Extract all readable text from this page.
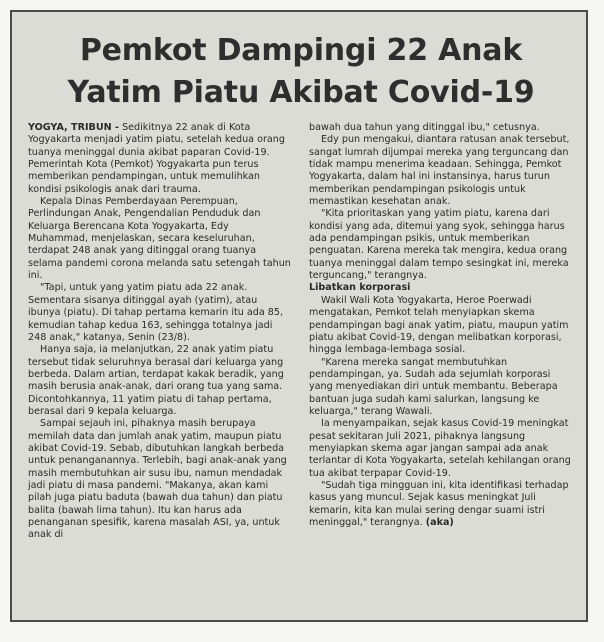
Pemkot Dampingi 22 Anak
Yatim Piatu Akibat Covid-19

YOGYA, TRIBUN - Sedikitnya 22 anak di Kota Yogyakarta menjadi yatim piatu, setelah kedua orang tuanya meninggal dunia akibat paparan Covid-19. Pemerintah Kota (Pemkot) Yogyakarta pun terus memberikan pendampingan, untuk memulihkan kondisi psikologis anak dari trauma.

Kepala Dinas Pemberdayaan Perempuan, Perlindungan Anak, Pengendalian Penduduk dan Keluarga Berencana Kota Yogyakarta, Edy Muhammad, menjelaskan, secara keseluruhan, terdapat 248 anak yang ditinggal orang tuanya selama pandemi corona melanda satu setengah tahun ini.

"Tapi, untuk yang yatim piatu ada 22 anak. Sementara sisanya ditinggal ayah (yatim), atau ibunya (piatu). Di tahap pertama kemarin itu ada 85, kemudian tahap kedua 163, sehingga totalnya jadi 248 anak," katanya, Senin (23/8).

Hanya saja, ia melanjutkan, 22 anak yatim piatu tersebut tidak seluruhnya berasal dari keluarga yang berbeda. Dalam artian, terdapat kakak beradik, yang masih berusia anak-anak, dari orang tua yang sama. Dicontohkannya, 11 yatim piatu di tahap pertama, berasal dari 9 kepala keluarga.

Sampai sejauh ini, pihaknya masih berupaya memilah data dan jumlah anak yatim, maupun piatu akibat Covid-19. Sebab, dibutuhkan langkah berbeda untuk penanganannya. Terlebih, bagi anak-anak yang masih membutuhkan air susu ibu, namun mendadak jadi piatu di masa pandemi. "Makanya, akan kami pilah juga piatu baduta (bawah dua tahun) dan piatu balita (bawah lima tahun). Itu kan harus ada penanganan spesifik, karena masalah ASI, ya, untuk anak di

bawah dua tahun yang ditinggal ibu," cetusnya.

Edy pun mengakui, diantara ratusan anak tersebut, sangat lumrah dijumpai mereka yang terguncang dan tidak mampu menerima keadaan. Sehingga, Pemkot Yogyakarta, dalam hal ini instansinya, harus turun memberikan pendampingan psikologis untuk memastikan kesehatan anak.

"Kita prioritaskan yang yatim piatu, karena dari kondisi yang ada, ditemui yang syok, sehingga harus ada pendampingan psikis, untuk memberikan penguatan. Karena mereka tak mengira, kedua orang tuanya meninggal dalam tempo sesingkat ini, mereka terguncang," terangnya.

Libatkan korporasi

Wakil Wali Kota Yogyakarta, Heroe Poerwadi mengatakan, Pemkot telah menyiapkan skema pendampingan bagi anak yatim, piatu, maupun yatim piatu akibat Covid-19, dengan melibatkan korporasi, hingga lembaga-lembaga sosial.

"Karena mereka sangat membutuhkan pendampingan, ya. Sudah ada sejumlah korporasi yang menyediakan diri untuk membantu. Beberapa bantuan juga sudah kami salurkan, langsung ke keluarga," terang Wawali.

Ia menyampaikan, sejak kasus Covid-19 meningkat pesat sekitaran Juli 2021, pihaknya langsung menyiapkan skema agar jangan sampai ada anak terlantar di Kota Yogyakarta, setelah kehilangan orang tua akibat terpapar Covid-19.

"Sudah tiga mingguan ini, kita identifikasi terhadap kasus yang muncul. Sejak kasus meningkat Juli kemarin, kita kan mulai sering dengar suami istri meninggal," terangnya. (aka)
